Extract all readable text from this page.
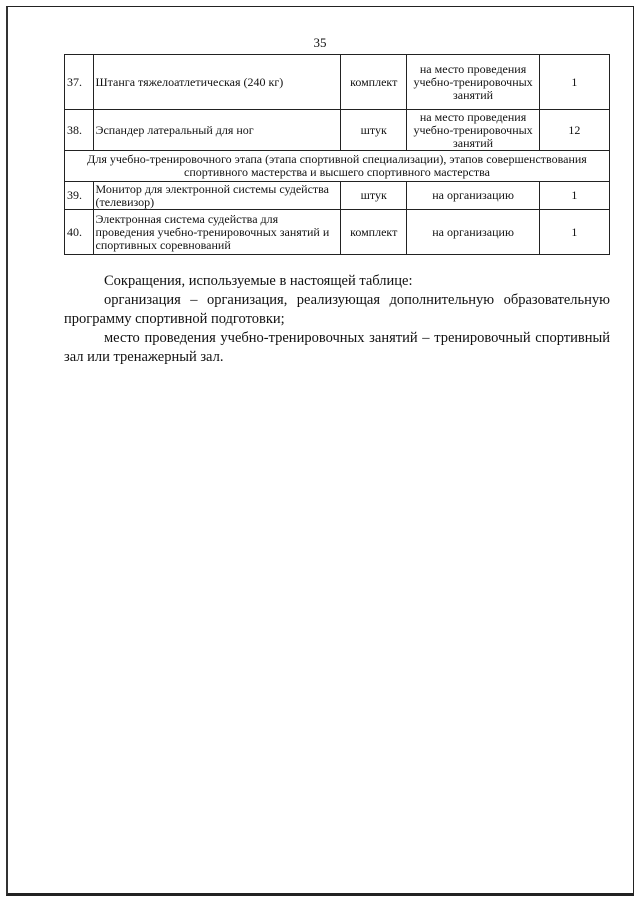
35
37.	Штанга тяжелоатлетическая (240 кг)	комплект	на место проведения учебно-тренировочных занятий	1
38.	Эспандер латеральный для ног	штук	на место проведения учебно-тренировочных занятий	12
Для учебно-тренировочного этапа (этапа спортивной специализации), этапов совершенствования спортивного мастерства и высшего спортивного мастерства				
39.	Монитор для электронной системы судейства (телевизор)	штук	на организацию	1
40.	Электронная система судейства для проведения учебно-тренировочных занятий и спортивных соревнований	комплект	на организацию	1

Сокращения, используемые в настоящей таблице:

организация – организация, реализующая дополнительную образовательную программу спортивной подготовки;

место проведения учебно-тренировочных занятий – тренировочный спортивный зал или тренажерный зал.
